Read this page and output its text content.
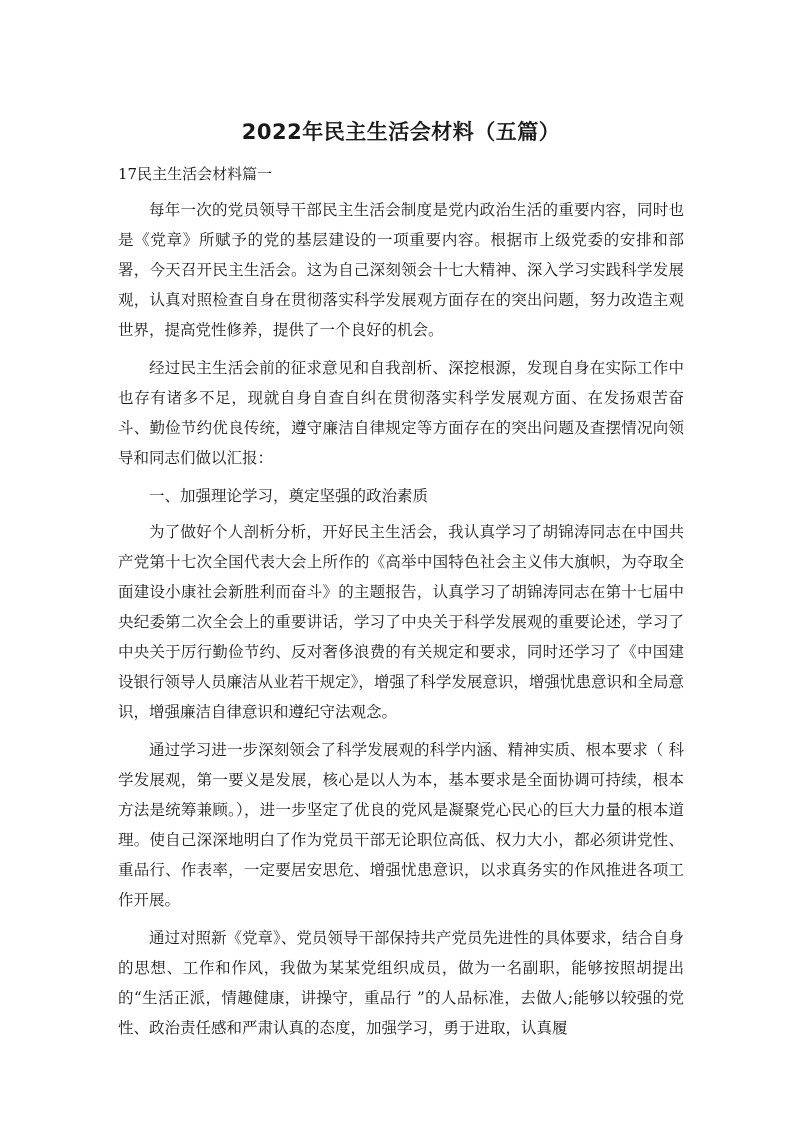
2022年民主生活会材料（五篇）
17民主生活会材料篇一

每年一次的党员领导干部民主生活会制度是党内政治生活的重要内容，同时也是《党章》所赋予的党的基层建设的一项重要内容。根据市上级党委的安排和部署，今天召开民主生活会。这为自己深刻领会十七大精神、深入学习实践科学发展观，认真对照检查自身在贯彻落实科学发展观方面存在的突出问题，努力改造主观世界，提高党性修养，提供了一个良好的机会。

经过民主生活会前的征求意见和自我剖析、深挖根源，发现自身在实际工作中也存有诸多不足，现就自身自查自纠在贯彻落实科学发展观方面、在发扬艰苦奋斗、勤俭节约优良传统，遵守廉洁自律规定等方面存在的突出问题及查摆情况向领导和同志们做以汇报：

一、加强理论学习，奠定坚强的政治素质

为了做好个人剖析分析，开好民主生活会，我认真学习了胡锦涛同志在中国共产党第十七次全国代表大会上所作的《高举中国特色社会主义伟大旗帜，为夺取全面建设小康社会新胜利而奋斗》的主题报告，认真学习了胡锦涛同志在第十七届中央纪委第二次全会上的重要讲话，学习了中央关于科学发展观的重要论述，学习了中央关于厉行勤俭节约、反对奢侈浪费的有关规定和要求，同时还学习了《中国建设银行领导人员廉洁从业若干规定》，增强了科学发展意识，增强忧患意识和全局意识，增强廉洁自律意识和遵纪守法观念。

通过学习进一步深刻领会了科学发展观的科学内涵、精神实质、根本要求（ 科学发展观，第一要义是发展，核心是以人为本，基本要求是全面协调可持续，根本方法是统筹兼顾。），进一步坚定了优良的党风是凝聚党心民心的巨大力量的根本道理。使自己深深地明白了作为党员干部无论职位高低、权力大小，都必须讲党性、重品行、作表率，一定要居安思危、增强忧患意识，以求真务实的作风推进各项工作开展。

通过对照新《党章》、党员领导干部保持共产党员先进性的具体要求，结合自身的思想、工作和作风，我做为某某党组织成员，做为一名副职，能够按照胡提出的“生活正派，情趣健康，讲操守，重品行 ”的人品标准，去做人;能够以较强的党性、政治责任感和严肃认真的态度，加强学习，勇于进取，认真履
